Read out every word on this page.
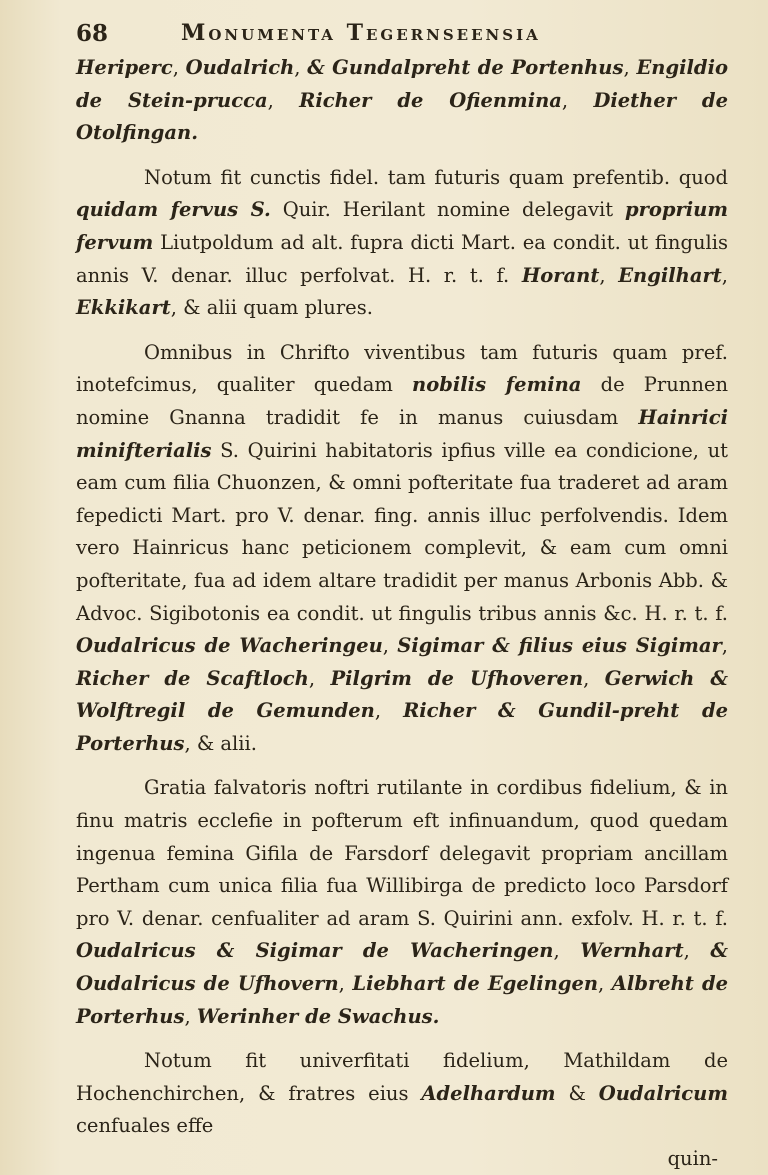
68	Monumenta Tegernseensia

Heriperc, Oudalrich, & Gundalpreht de Portenhus, Engildio de Stein-prucca, Richer de Ofienmina, Diether de Otolfingan.

Notum fit cunctis fidel. tam futuris quam prefentib. quod quidam fervus S. Quir. Herilant nomine delegavit proprium fervum Liutpoldum ad alt. fupra dicti Mart. ea condit. ut fingulis annis V. denar. illuc perfolvat. H. r. t. f. Horant, Engilhart, Ekkikart, & alii quam plures.

Omnibus in Chrifto viventibus tam futuris quam pref. inotefcimus, qualiter quedam nobilis femina de Prunnen nomine Gnanna tradidit fe in manus cuiusdam Hainrici minifterialis S. Quirini habitatoris ipfius ville ea condicione, ut eam cum filia Chuonzen, & omni pofteritate fua traderet ad aram fepedicti Mart. pro V. denar. fing. annis illuc perfolvendis. Idem vero Hainricus hanc peticionem complevit, & eam cum omni pofteritate, fua ad idem altare tradidit per manus Arbonis Abb. & Advoc. Sigibotonis ea condit. ut fingulis tribus annis &c. H. r. t. f. Oudalricus de Wacheringeu, Sigimar & filius eius Sigimar, Richer de Scaftloch, Pilgrim de Ufhoveren, Gerwich & Wolftregil de Gemunden, Richer & Gundil-preht de Porterhus, & alii.

Gratia falvatoris noftri rutilante in cordibus fidelium, & in finu matris ecclefie in pofterum eft infinuandum, quod quedam ingenua femina Gifila de Farsdorf delegavit propriam ancillam Pertham cum unica filia fua Willibirga de predicto loco Parsdorf pro V. denar. cenfualiter ad aram S. Quirini ann. exfolv. H. r. t. f. Oudalricus & Sigimar de Wacheringen, Wernhart, & Oudalricus de Ufhovern, Liebhart de Egelingen, Albreht de Porterhus, Werinher de Swachus.

Notum fit univerfitati fidelium, Mathildam de Hochenchirchen, & fratres eius Adelhardum & Oudalricum cenfuales effe

quin-
